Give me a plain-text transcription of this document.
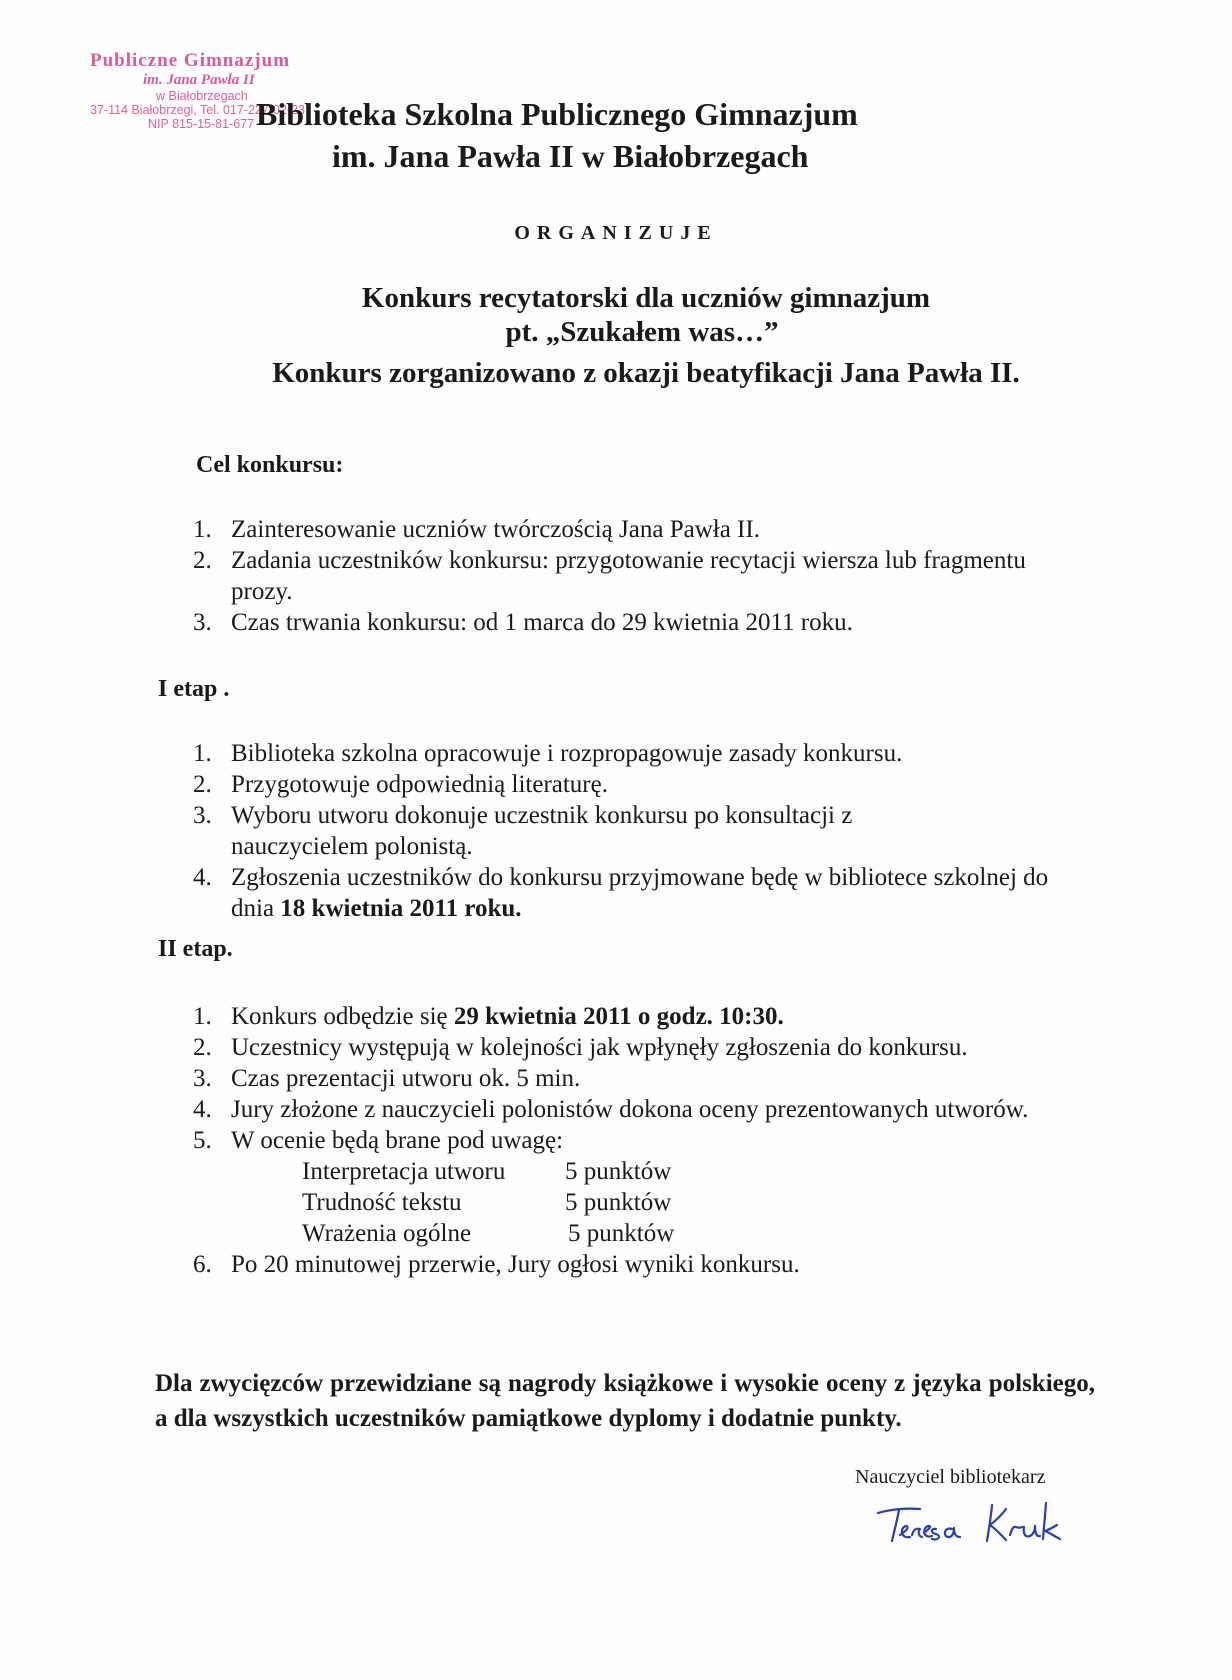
Publiczne Gimnazjum
im. Jana Pawła II
w Białobrzegach
37-114 Białobrzegi, Tel. 017-227-02-23
NIP 815-15-81-677 Biblioteka Szkolna Publicznego Gimnazjum
im. Jana Pawła II w Białobrzegach
ORGANIZUJE
Konkurs recytatorski dla uczniów gimnazjum
pt. „Szukałem was…”
Konkurs zorganizowano z okazji beatyfikacji Jana Pawła II.
Cel konkursu:
1. Zainteresowanie uczniów twórczością Jana Pawła II.
2. Zadania uczestników konkursu: przygotowanie recytacji wiersza lub fragmentu prozy.
3. Czas trwania konkursu: od 1 marca do 29 kwietnia 2011 roku.
I etap .
1. Biblioteka szkolna opracowuje i rozpropagowuje zasady konkursu.
2. Przygotowuje odpowiednią literaturę.
3. Wyboru utworu dokonuje uczestnik konkursu po konsultacji z nauczycielem polonistą.
4. Zgłoszenia uczestników do konkursu przyjmowane będę w bibliotece szkolnej do dnia 18 kwietnia 2011 roku.
II etap.
1. Konkurs odbędzie się 29 kwietnia 2011 o godz. 10:30.
2. Uczestnicy występują w kolejności jak wpłynęły zgłoszenia do konkursu.
3. Czas prezentacji utworu ok. 5 min.
4. Jury złożone z nauczycieli polonistów dokona oceny prezentowanych utworów.
5. W ocenie będą brane pod uwagę:
Interpretacja utworu 5 punktów
Trudność tekstu	5 punktów
Wrażenia ogólne	5 punktów
6. Po 20 minutowej przerwie, Jury ogłosi wyniki konkursu.
Dla zwycięzców przewidziane są nagrody książkowe i wysokie oceny z języka polskiego, a dla wszystkich uczestników pamiątkowe dyplomy i dodatnie punkty.
Nauczyciel bibliotekarz
